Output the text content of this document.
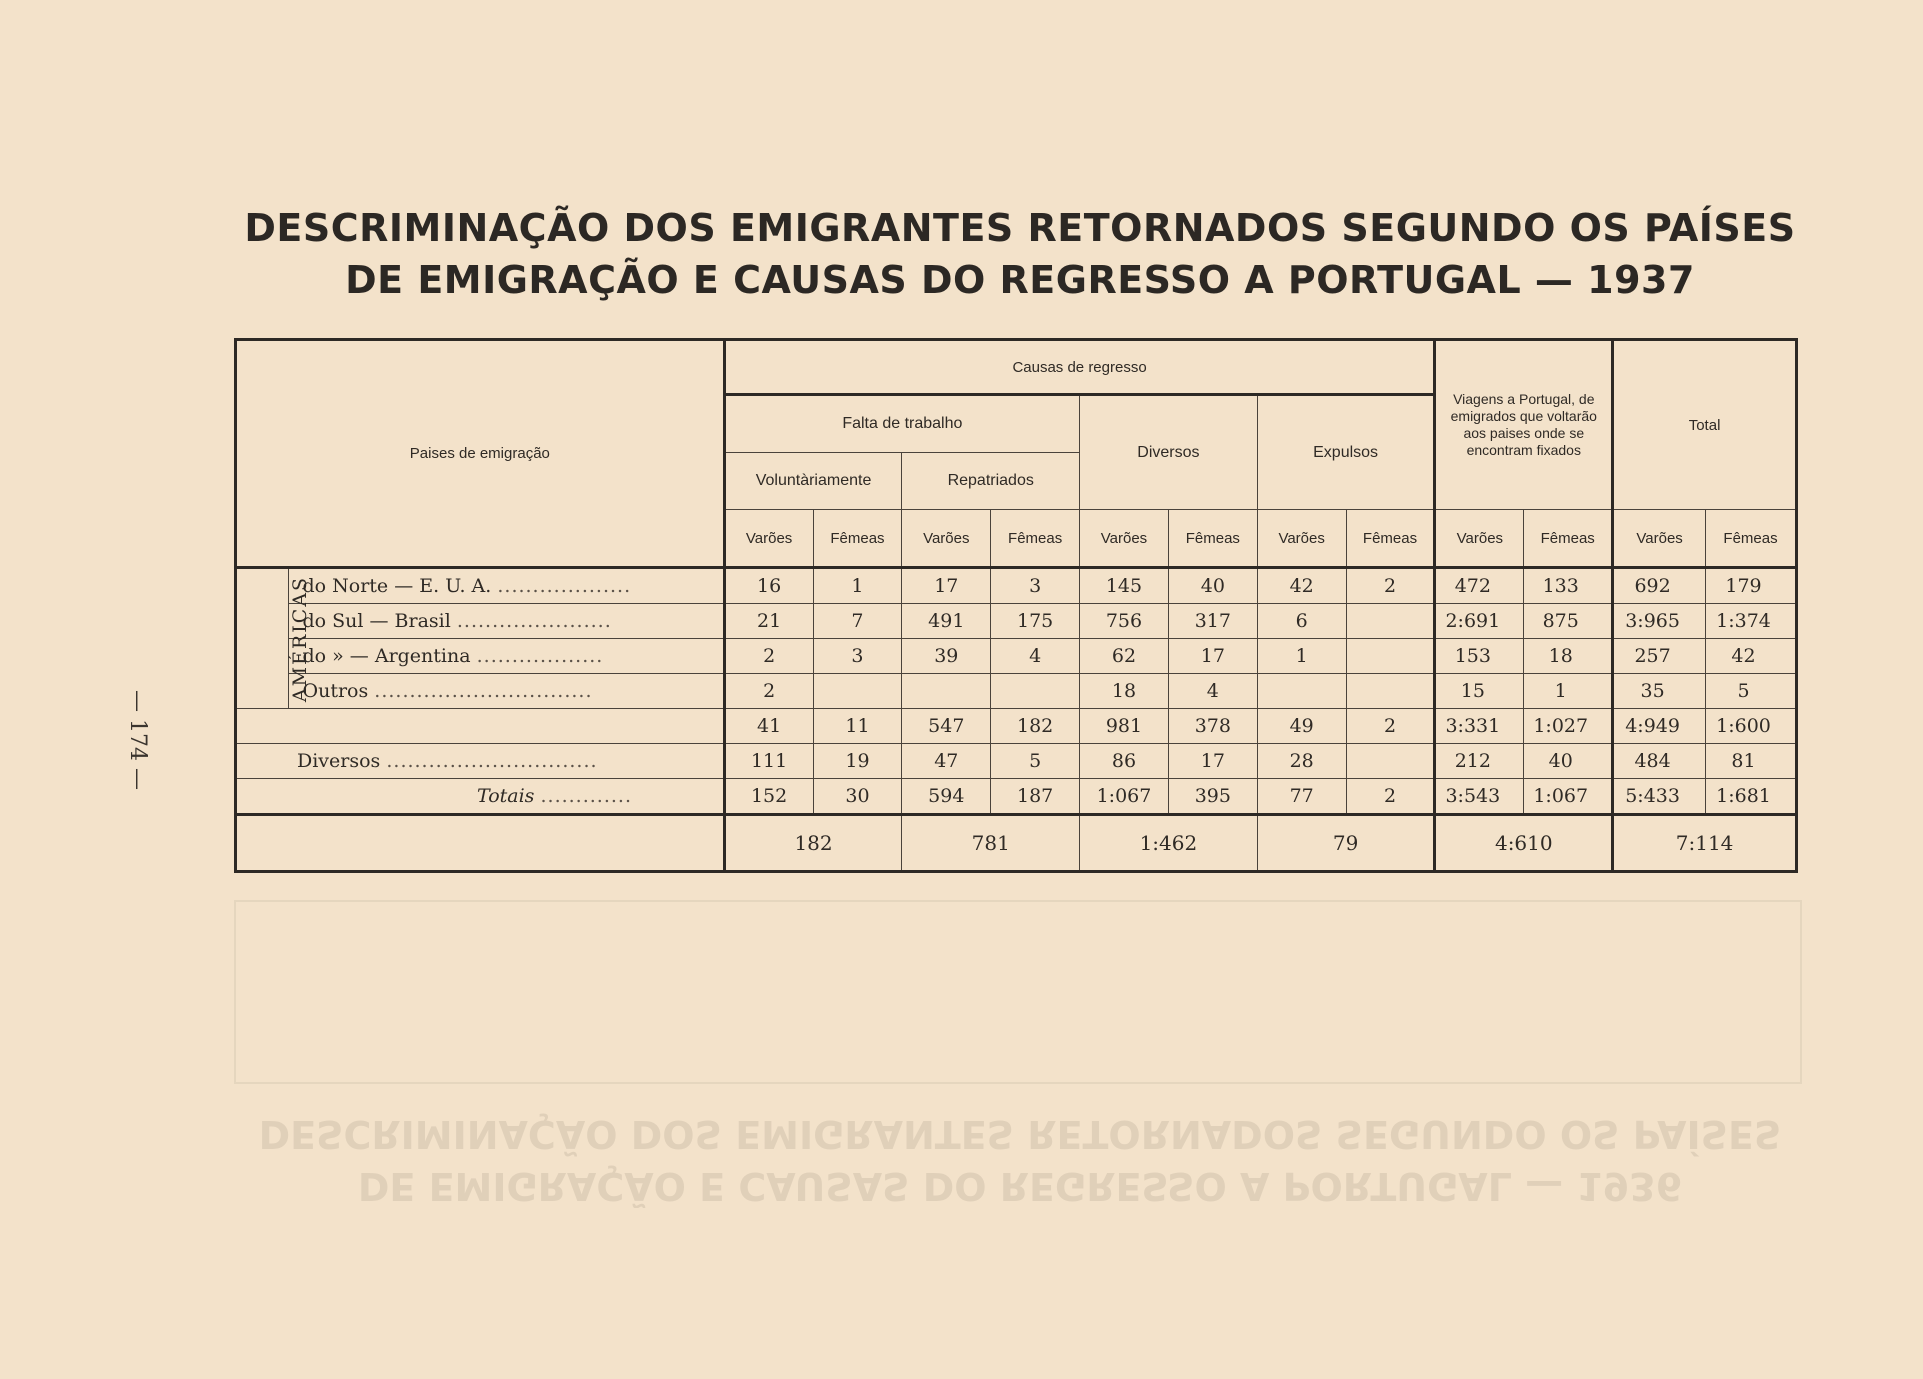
DESCRIMINAÇÃO DOS EMIGRANTES RETORNADOS SEGUNDO OS PAÍSES
DE EMIGRAÇÃO E CAUSAS DO REGRESSO A PORTUGAL — 1937
— 174 —
DE EMIGRAÇÃO E CAUSAS DO REGRESSO A PORTUGAL — 1936
DESCRIMINAÇÃO DOS EMIGRANTES RETORNADOS SEGUNDO OS PAÍSES
Paises de emigração		Causas de regresso								Viagens a Portugal, de emigrados que voltarão aos paises onde se encontram fixados		Total	
		Falta de trabalho				Diversos		Expulsos					
		Voluntàriamente		Repatriados									
		Varões	Fêmeas	Varões	Fêmeas	Varões	Fêmeas	Varões	Fêmeas	Varões	Fêmeas	Varões	Fêmeas
AMÉRICAS		do Norte — E. U. A. ...................	16	1	17	3	145	40	42	2	472	133	692	179
	do Sul — Brasil ......................	21	7	491	175	756	317	6		2:691	875	3:965	1:374
	do » — Argentina ..................	2	3	39	4	62	17	1		153	18	257	42
	Outros ...............................	2				18	4			15	1	35	5
		41	11	547	182	981	378	49	2	3:331	1:027	4:949	1:600
Diversos ..............................		111	19	47	5	86	17	28		212	40	484	81
Totais .............		152	30	594	187	1:067	395	77	2	3:543	1:067	5:433	1:681
		182		781		1:462		79		4:610		7:114	
